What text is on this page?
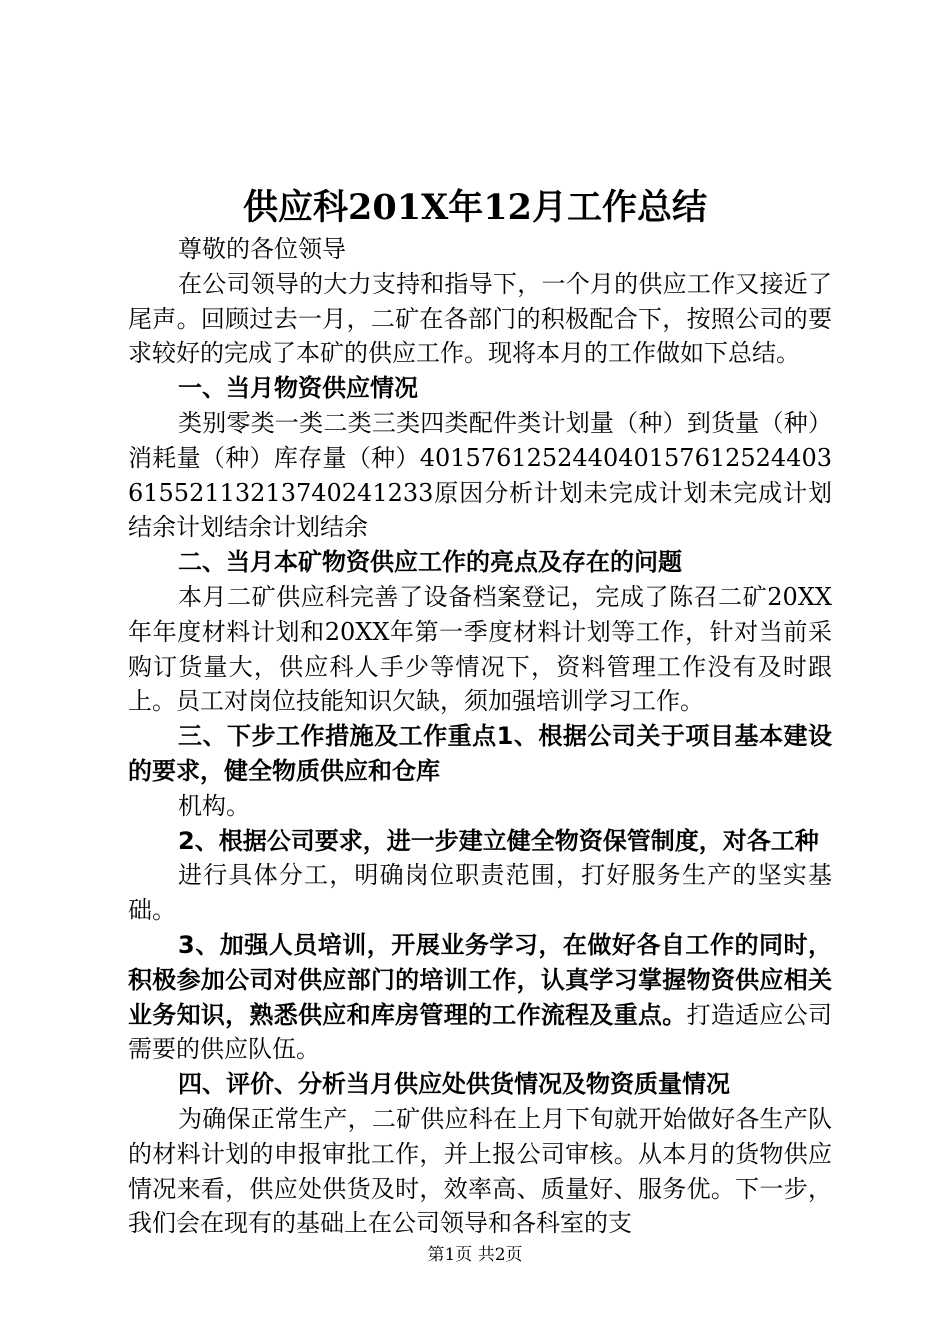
供应科201X年12月工作总结

尊敬的各位领导

在公司领导的大力支持和指导下，一个月的供应工作又接近了尾声。回顾过去一月，二矿在各部门的积极配合下，按照公司的要求较好的完成了本矿的供应工作。现将本月的工作做如下总结。

一、当月物资供应情况

类别零类一类二类三类四类配件类计划量（种）到货量（种）消耗量（种）库存量（种）401576125244040157612524403615521132137402412​33原因分析计划未完成计划未完成计划结余计划结余计划结余

二、当月本矿物资供应工作的亮点及存在的问题

本月二矿供应科完善了设备档案登记，完成了陈召二矿20XX年年度材料计划和20XX年第一季度材料计划等工作，针对当前采购订货量大，供应科人手少等情况下，资料管理工作没有及时跟上。员工对岗位技能知识欠缺，须加强培训学习工作。

三、下步工作措施及工作重点1、根据公司关于项目基本建设的要求，健全物质供应和仓库

机构。

2、根据公司要求，进一步建立健全物资保管制度，对各工种

进行具体分工，明确岗位职责范围，打好服务生产的坚实基础。

3、加强人员培训，开展业务学习，在做好各自工作的同时，积极参加公司对供应部门的培训工作，认真学习掌握物资供应相关业务知识，熟悉供应和库房管理的工作流程及重点。打造适应公司需要的供应队伍。

四、评价、分析当月供应处供货情况及物资质量情况

为确保正常生产，二矿供应科在上月下旬就开始做好各生产队的材料计划的申报审批工作，并上报公司审核。从本月的货物供应情况来看，供应处供货及时，效率高、质量好、服务优。下一步，我们会在现有的基础上在公司领导和各科室的支

第1页 共2页
